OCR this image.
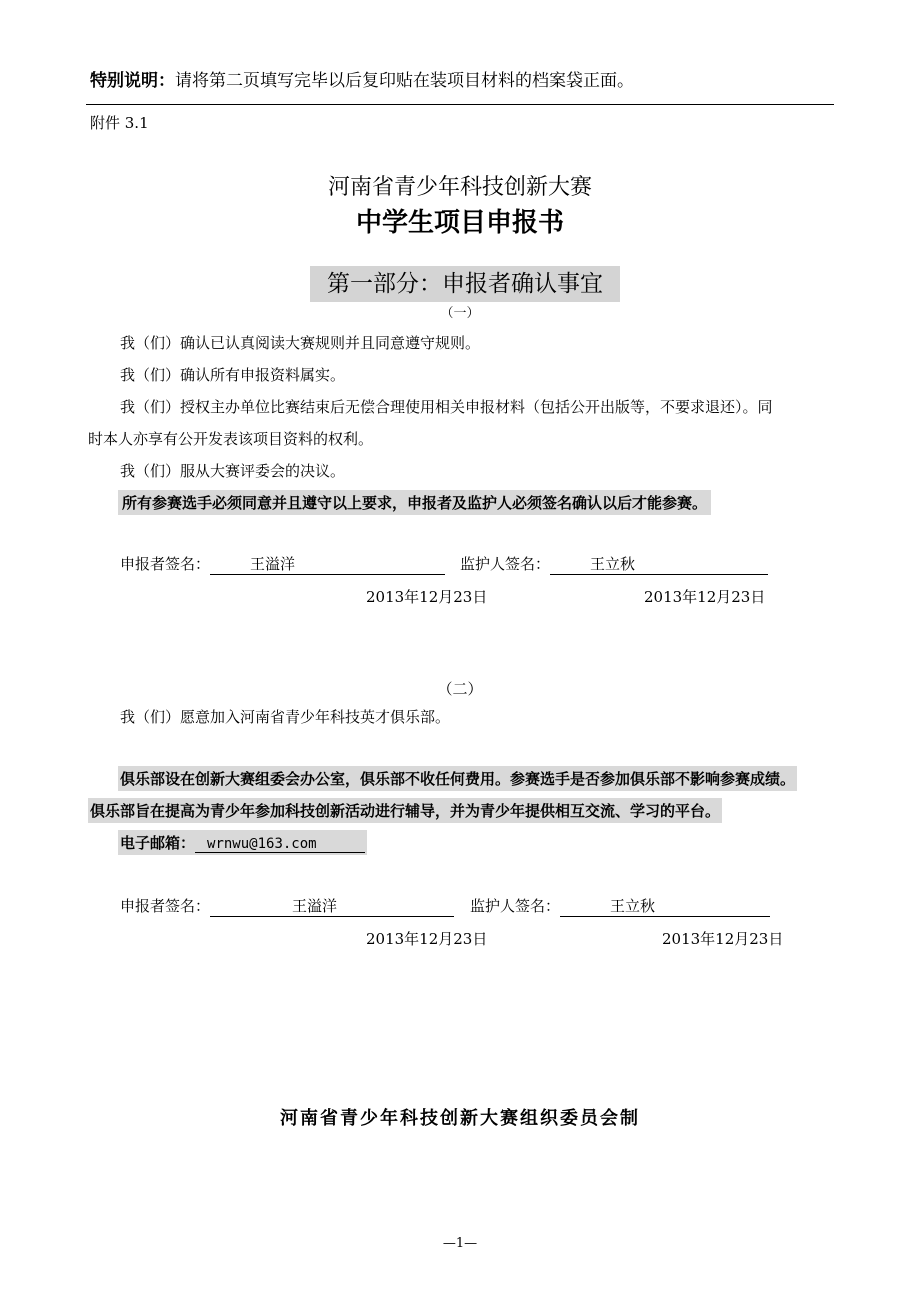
特别说明：请将第二页填写完毕以后复印贴在装项目材料的档案袋正面。
附件 3.1
河南省青少年科技创新大赛
中学生项目申报书
第一部分：申报者确认事宜
（一）
我（们）确认已认真阅读大赛规则并且同意遵守规则。
我（们）确认所有申报资料属实。
我（们）授权主办单位比赛结束后无偿合理使用相关申报材料（包括公开出版等，不要求退还）。同
时本人亦享有公开发表该项目资料的权利。
我（们）服从大赛评委会的决议。
所有参赛选手必须同意并且遵守以上要求，申报者及监护人必须签名确认以后才能参赛。
申报者签名：	王溢洋	监护人签名：	王立秋
2013年12月23日	2013年12月23日
（二）
我（们）愿意加入河南省青少年科技英才俱乐部。
俱乐部设在创新大赛组委会办公室，俱乐部不收任何费用。参赛选手是否参加俱乐部不影响参赛成绩。
俱乐部旨在提高为青少年参加科技创新活动进行辅导，并为青少年提供相互交流、学习的平台。
电子邮箱： wrnwu@163.com
申报者签名：	王溢洋	监护人签名：	王立秋
2013年12月23日	2013年12月23日
河南省青少年科技创新大赛组织委员会制
—1—
